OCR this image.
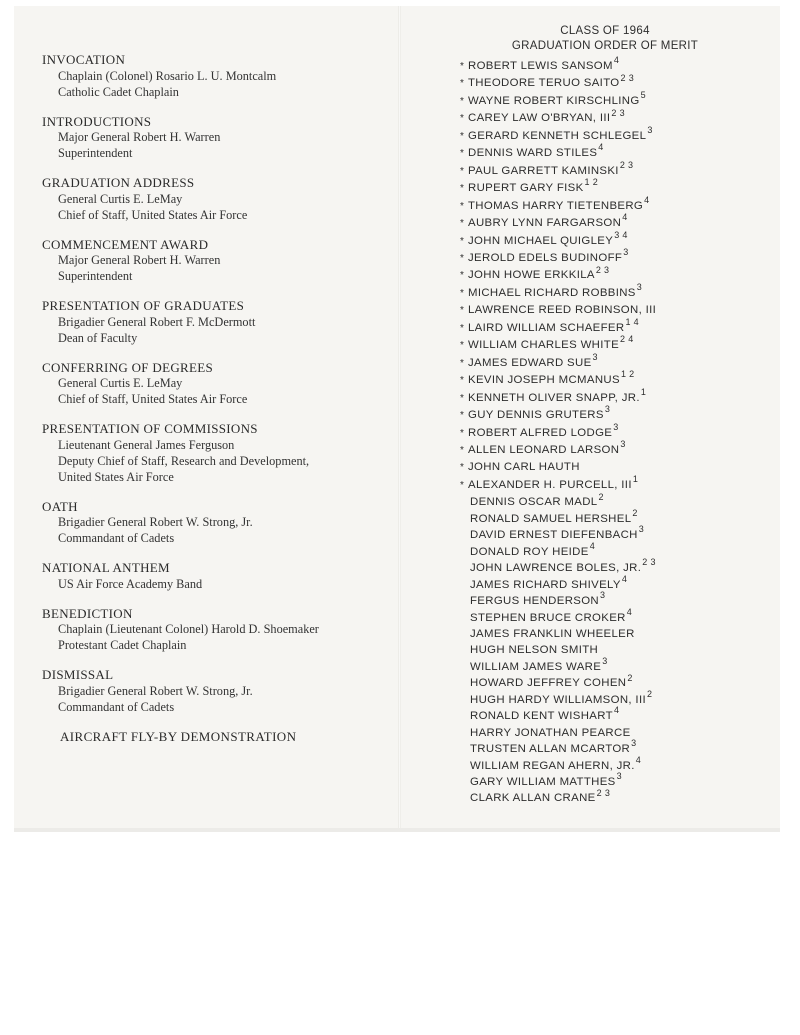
INVOCATION
Chaplain (Colonel) Rosario L. U. Montcalm
Catholic Cadet Chaplain
INTRODUCTIONS
Major General Robert H. Warren
Superintendent
GRADUATION ADDRESS
General Curtis E. LeMay
Chief of Staff, United States Air Force
COMMENCEMENT AWARD
Major General Robert H. Warren
Superintendent
PRESENTATION OF GRADUATES
Brigadier General Robert F. McDermott
Dean of Faculty
CONFERRING OF DEGREES
General Curtis E. LeMay
Chief of Staff, United States Air Force
PRESENTATION OF COMMISSIONS
Lieutenant General James Ferguson
Deputy Chief of Staff, Research and Development,
United States Air Force
OATH
Brigadier General Robert W. Strong, Jr.
Commandant of Cadets
NATIONAL ANTHEM
US Air Force Academy Band
BENEDICTION
Chaplain (Lieutenant Colonel) Harold D. Shoemaker
Protestant Cadet Chaplain
DISMISSAL
Brigadier General Robert W. Strong, Jr.
Commandant of Cadets
AIRCRAFT FLY-BY DEMONSTRATION
CLASS OF 1964
GRADUATION ORDER OF MERIT
* ROBERT LEWIS SANSOM$^4$
* THEODORE TERUO $SAITO^{2 3}$
* WAYNE ROBERT KIRSCHLING$^5$
* CAREY LAW O'BRYAN, $III^{2 3}$
* GERARD KENNETH SCHLEGEL$^3$
* DENNIS WARD STILES$^4$
* PAUL GARRETT $KAMINSKI^{2 3}$
* RUPERT GARY $FISK^{1 2}$
* THOMAS HARRY TIETENBERG$^4$
* AUBRY LYNN FARGARSON$^4$
* JOHN MICHAEL $QUIGLEY^{3 4}$
* JEROLD EDELS BUDINOFF$^3$
* JOHN HOWE $ERKKILA^{2 3}$
* MICHAEL RICHARD ROBBINS$^3$
* LAWRENCE REED ROBINSON, III
* LAIRD WILLIAM $SCHAEFER^{1 4}$
* WILLIAM CHARLES $WHITE^{2 4}$
* JAMES EDWARD SUE$^3$
* KEVIN JOSEPH $MCMANUS^{1 2}$
* KENNETH OLIVER SNAPP, JR.$^1$
* GUY DENNIS GRUTERS$^3$
* ROBERT ALFRED LODGE$^3$
* ALLEN LEONARD LARSON$^3$
* JOHN CARL HAUTH
* ALEXANDER H. PURCELL, III$^1$
DENNIS OSCAR MADL$^2$
RONALD SAMUEL HERSHEL$^2$
DAVID ERNEST DIEFENBACH$^3$
DONALD ROY HEIDE$^4$
JOHN LAWRENCE BOLES, JR.$^{2 3}$
JAMES RICHARD SHIVELY$^4$
FERGUS HENDERSON$^3$
STEPHEN BRUCE CROKER$^4$
JAMES FRANKLIN WHEELER
HUGH NELSON SMITH
WILLIAM JAMES WARE$^3$
HOWARD JEFFREY COHEN$^2$
HUGH HARDY WILLIAMSON, III$^2$
RONALD KENT WISHART$^4$
HARRY JONATHAN PEARCE
TRUSTEN ALLAN MCARTOR$^3$
WILLIAM REGAN AHERN, JR.$^4$
GARY WILLIAM MATTHES$^3$
CLARK ALLAN $CRANE^{2 3}$
